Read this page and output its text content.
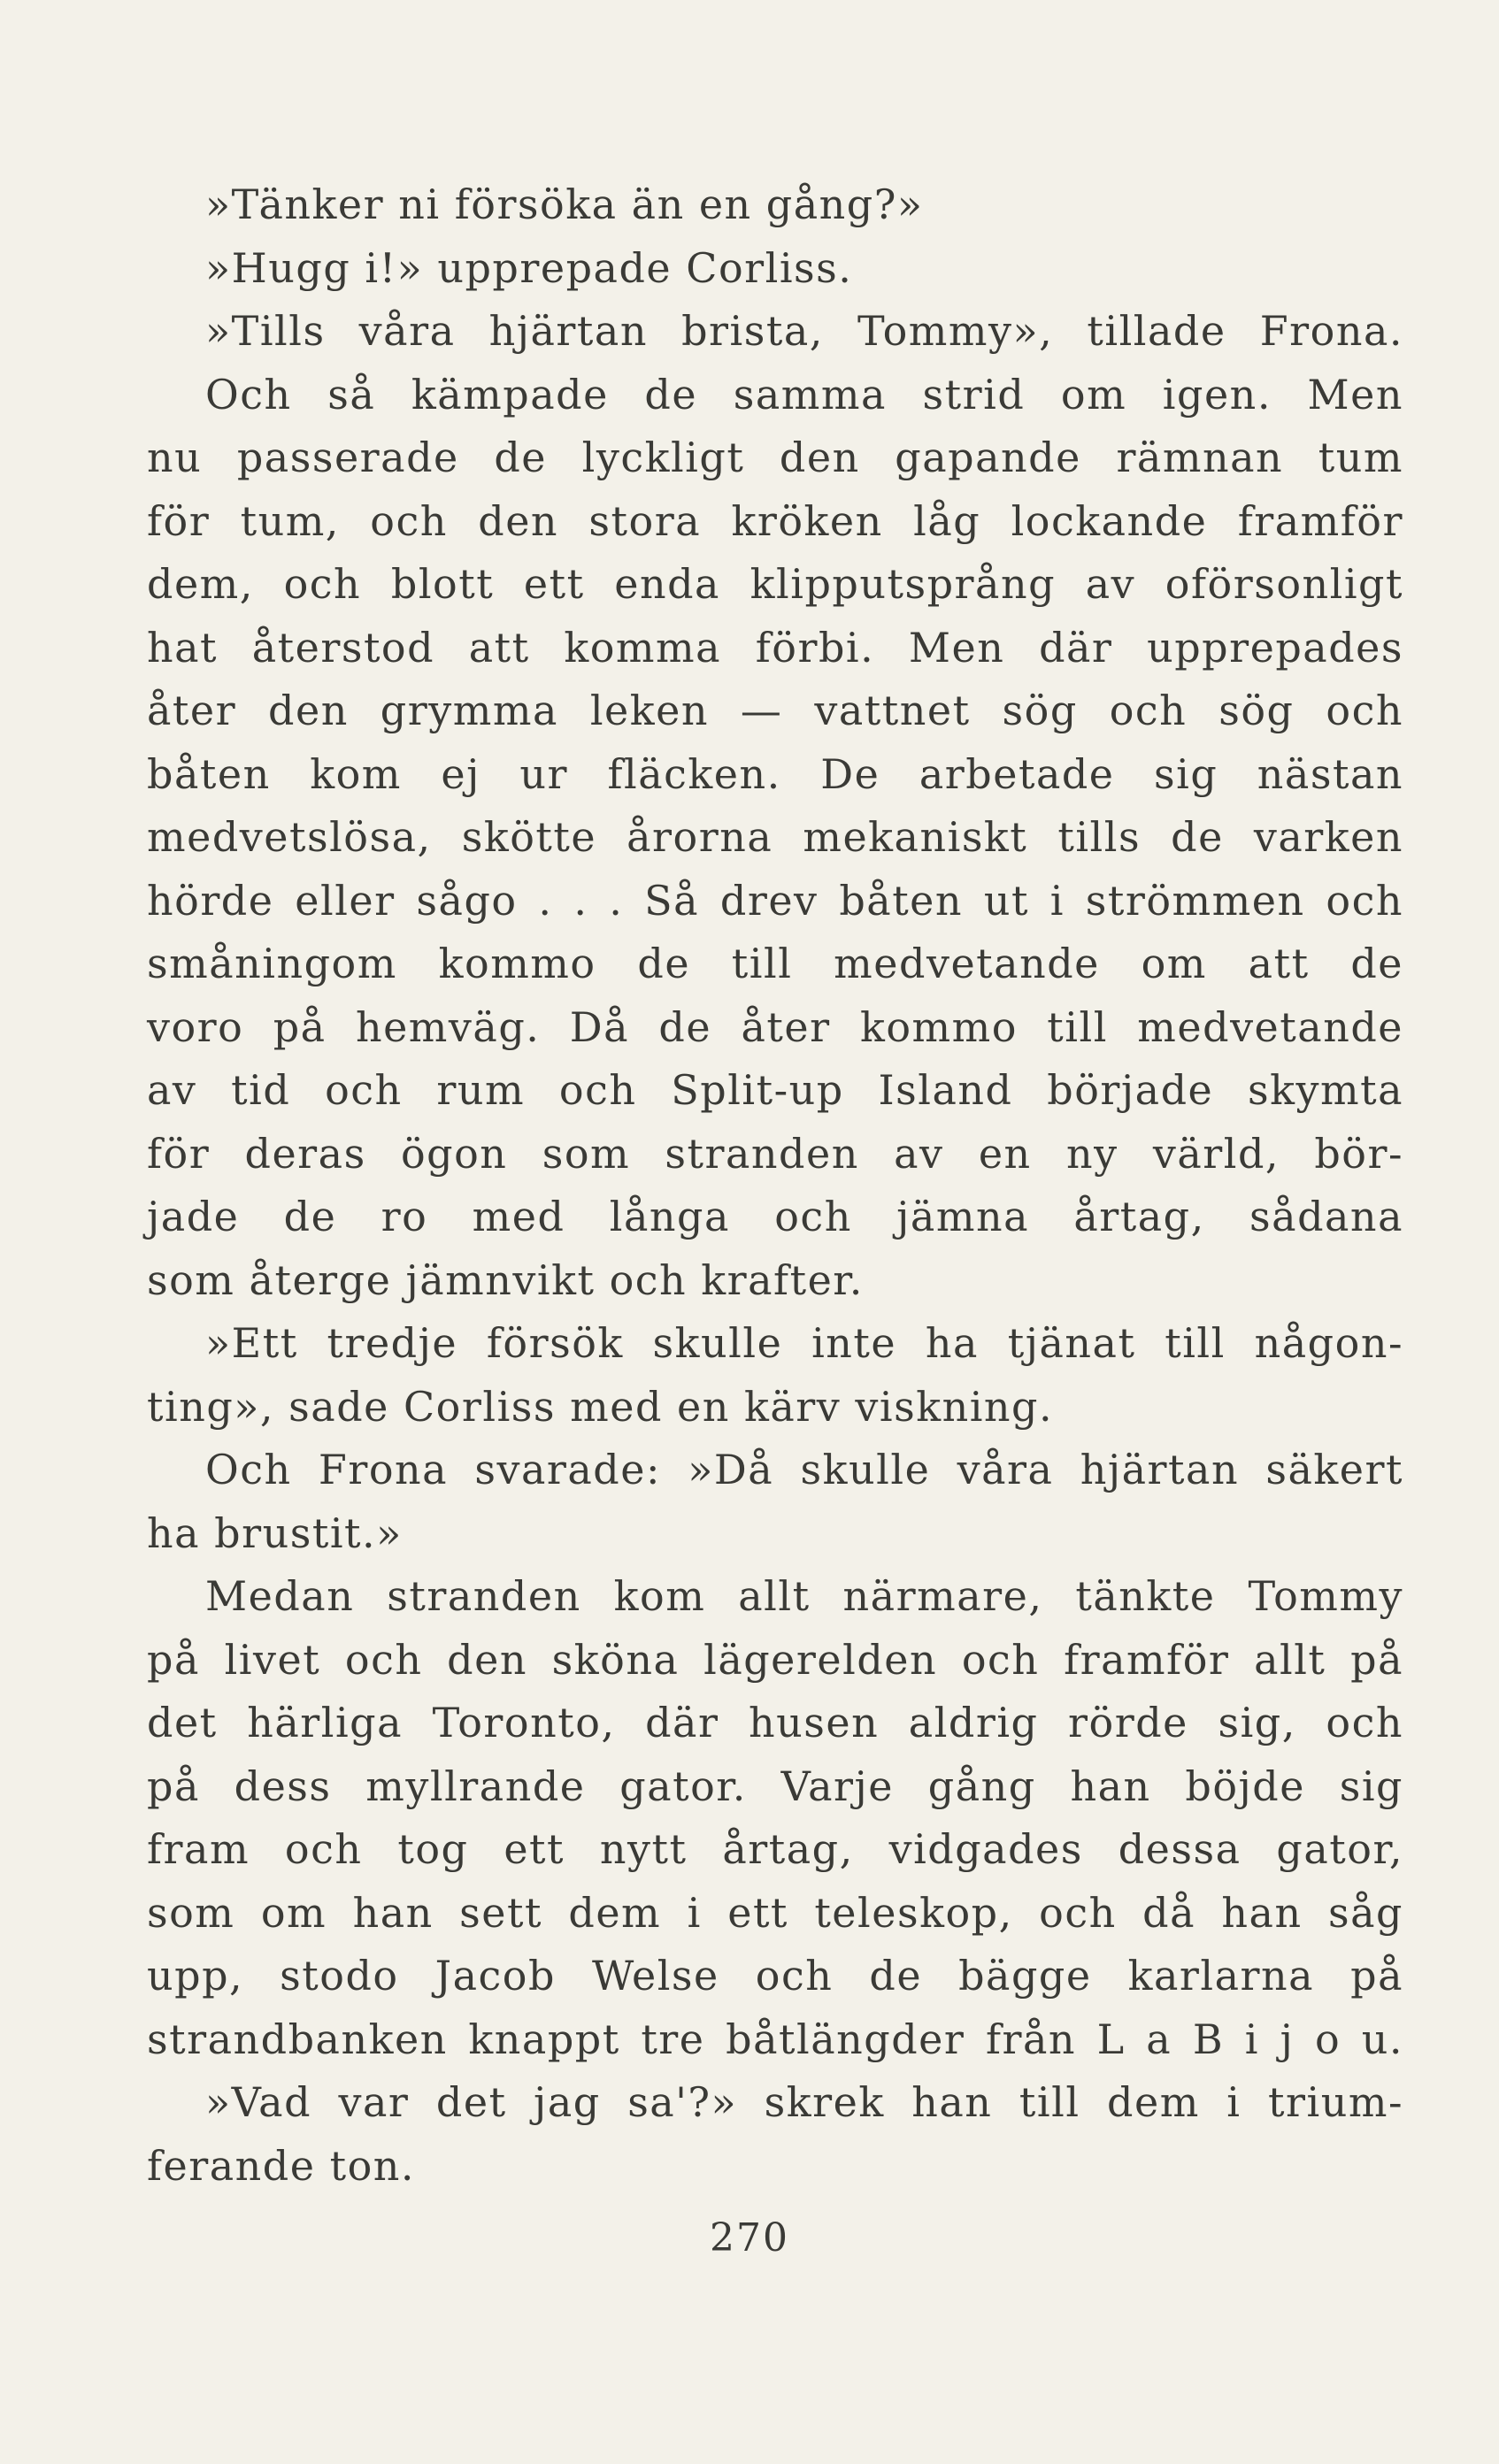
»Tänker ni försöka än en gång?»
»Hugg i!» upprepade Corliss.
»Tills våra hjärtan brista, Tommy», tillade Frona.
Och så kämpade de samma strid om igen. Men
nu passerade de lyckligt den gapande rämnan tum
för tum, och den stora kröken låg lockande framför
dem, och blott ett enda klipputsprång av oförsonligt
hat återstod att komma förbi. Men där upprepades
åter den grymma leken — vattnet sög och sög och
båten kom ej ur fläcken. De arbetade sig nästan
medvetslösa, skötte årorna mekaniskt tills de varken
hörde eller sågo . . . Så drev båten ut i strömmen och
småningom kommo de till medvetande om att de
voro på hemväg. Då de åter kommo till medvetande
av tid och rum och Split-up Island började skymta
för deras ögon som stranden av en ny värld, bör-
jade de ro med långa och jämna årtag, sådana
som återge jämnvikt och krafter.
»Ett tredje försök skulle inte ha tjänat till någon-
ting», sade Corliss med en kärv viskning.
Och Frona svarade: »Då skulle våra hjärtan säkert
ha brustit.»
Medan stranden kom allt närmare, tänkte Tommy
på livet och den sköna lägerelden och framför allt på
det härliga Toronto, där husen aldrig rörde sig, och
på dess myllrande gator. Varje gång han böjde sig
fram och tog ett nytt årtag, vidgades dessa gator,
som om han sett dem i ett teleskop, och då han såg
upp, stodo Jacob Welse och de bägge karlarna på
strandbanken knappt tre båtlängder från L a B i j o u.
»Vad var det jag sa'?» skrek han till dem i trium-
ferande ton.
270
